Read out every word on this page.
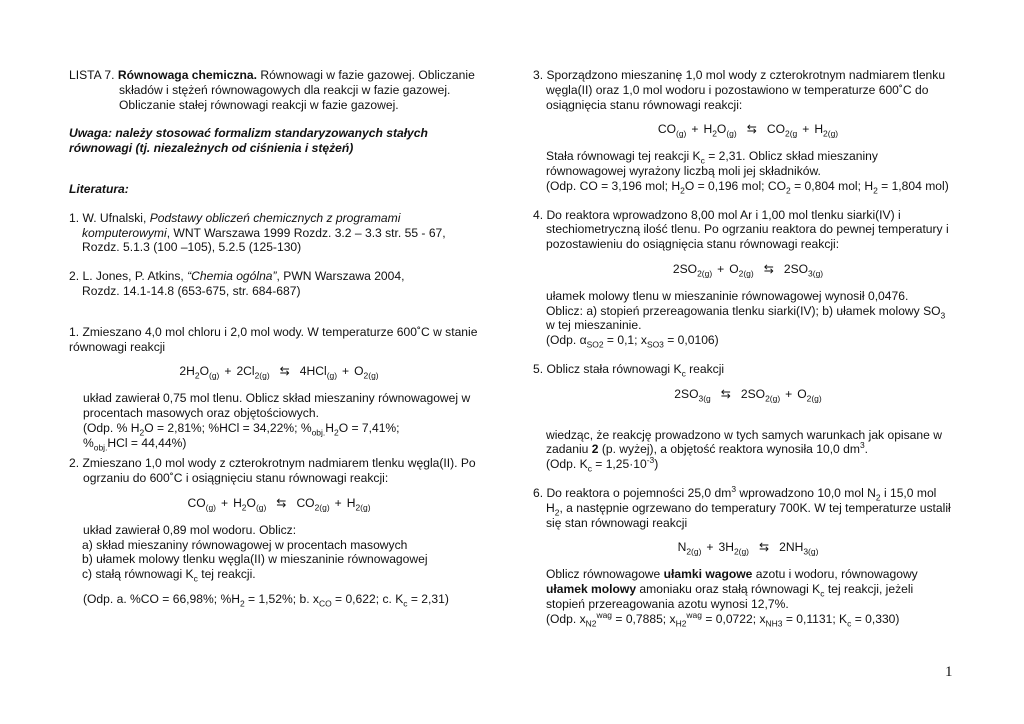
LISTA 7. Równowaga chemiczna. Równowagi w fazie gazowej. Obliczanie

składów i stężeń równowagowych dla reakcji w fazie gazowej.

Obliczanie stałej równowagi reakcji w fazie gazowej.

Uwaga: należy stosować formalizm standaryzowanych stałych

równowagi (tj. niezależnych od ciśnienia i stężeń)

Literatura:

1. W. Ufnalski, Podstawy obliczeń chemicznych z programami

komputerowymi, WNT Warszawa 1999 Rozdz. 3.2 – 3.3 str. 55 - 67,

Rozdz. 5.1.3 (100 –105), 5.2.5 (125-130)

2. L. Jones, P. Atkins, “Chemia ogólna”, PWN Warszawa 2004,

Rozdz. 14.1-14.8 (653-675, str. 684-687)

1. Zmieszano 4,0 mol chloru i 2,0 mol wody. W temperaturze 600˚C w stanie

równowagi reakcji

$2H_2O_{(g)} + 2Cl_{2(g)}$ ⇆ $4HCl_{(g)} + O_{2(g)}$

układ zawierał 0,75 mol tlenu. Oblicz skład mieszaniny równowagowej w

procentach masowych oraz objętościowych.

(Odp. % $H_2O = 2,81\%$; %HCl = 34,22%; $\%_{obj.}H_2O = 7,41\%$;

$\%_{obj.}HCl = 44,44\%$)

2. Zmieszano 1,0 mol wody z czterokrotnym nadmiarem tlenku węgla(II). Po

ogrzaniu do 600˚C i osiągnięciu stanu równowagi reakcji:

$CO_{(g)} + H_2O_{(g)}$ ⇆ $CO_{2(g)} + H_{2(g)}$

układ zawierał 0,89 mol wodoru. Oblicz:

a) skład mieszaniny równowagowej w procentach masowych
b) ułamek molowy tlenku węgla(II) w mieszaninie równowagowej
c) stałą równowagi $K_c$ tej reakcji.

(Odp. a. %CO = 66,98%; $\%H_2 = 1,52\%$; b. $x_{CO} = 0,622$; c. $K_c = 2,31$)

3. Sporządzono mieszaninę 1,0 mol wody z czterokrotnym nadmiarem tlenku

węgla(II) oraz 1,0 mol wodoru i pozostawiono w temperaturze 600˚C do

osiągnięcia stanu równowagi reakcji:

$CO_{(g)} + H_2O_{(g)}$ ⇆ $CO_{2(g} + H_{2(g)}$

Stała równowagi tej reakcji $K_c = 2,31$. Oblicz skład mieszaniny

równowagowej wyrażony liczbą moli jej składników.

(Odp. CO = 3,196 mol; $H_2O = 0,196$ mol; $CO_2 = 0,804$ mol; $H_2 = 1,804$ mol)

4. Do reaktora wprowadzono 8,00 mol Ar i 1,00 mol tlenku siarki(IV) i

stechiometryczną ilość tlenu. Po ogrzaniu reaktora do pewnej temperatury i

pozostawieniu do osiągnięcia stanu równowagi reakcji:

$2SO_{2(g)} + O_{2(g)}$ ⇆ $2SO_{3(g)}$

ułamek molowy tlenu w mieszaninie równowagowej wynosił 0,0476.

Oblicz: a) stopień przereagowania tlenku siarki(IV); b) ułamek molowy $SO_3$

w tej mieszaninie.

(Odp. $\alpha_{SO2} = 0,1$; $x_{SO3} = 0,0106$)

5. Oblicz stała równowagi $K_c$ reakcji

$2SO_{3(g}$ ⇆ $2SO_{2(g)} + O_{2(g)}$

wiedząc, że reakcję prowadzono w tych samych warunkach jak opisane w

zadaniu 2 (p. wyżej), a objętość reaktora wynosiła 10,0 $dm^3$.

(Odp. $K_c = 1,25\cdot 10^{-3}$)

6. Do reaktora o pojemności 25,0 $dm^3$ wprowadzono 10,0 mol $N_2$ i 15,0 mol

$H_2$, a następnie ogrzewano do temperatury 700K. W tej temperaturze ustalił

się stan równowagi reakcji

$N_{2(g)} + 3H_{2(g)}$ ⇆ $2NH_{3(g)}$

Oblicz równowagowe ułamki wagowe azotu i wodoru, równowagowy

ułamek molowy amoniaku oraz stałą równowagi $K_c$ tej reakcji, jeżeli

stopień przereagowania azotu wynosi 12,7%.

(Odp. $x_{N2}^{wag} = 0,7885$; $x_{H2}^{wag} = 0,0722$; $x_{NH3} = 0,1131$; $K_c = 0,330$)

1
